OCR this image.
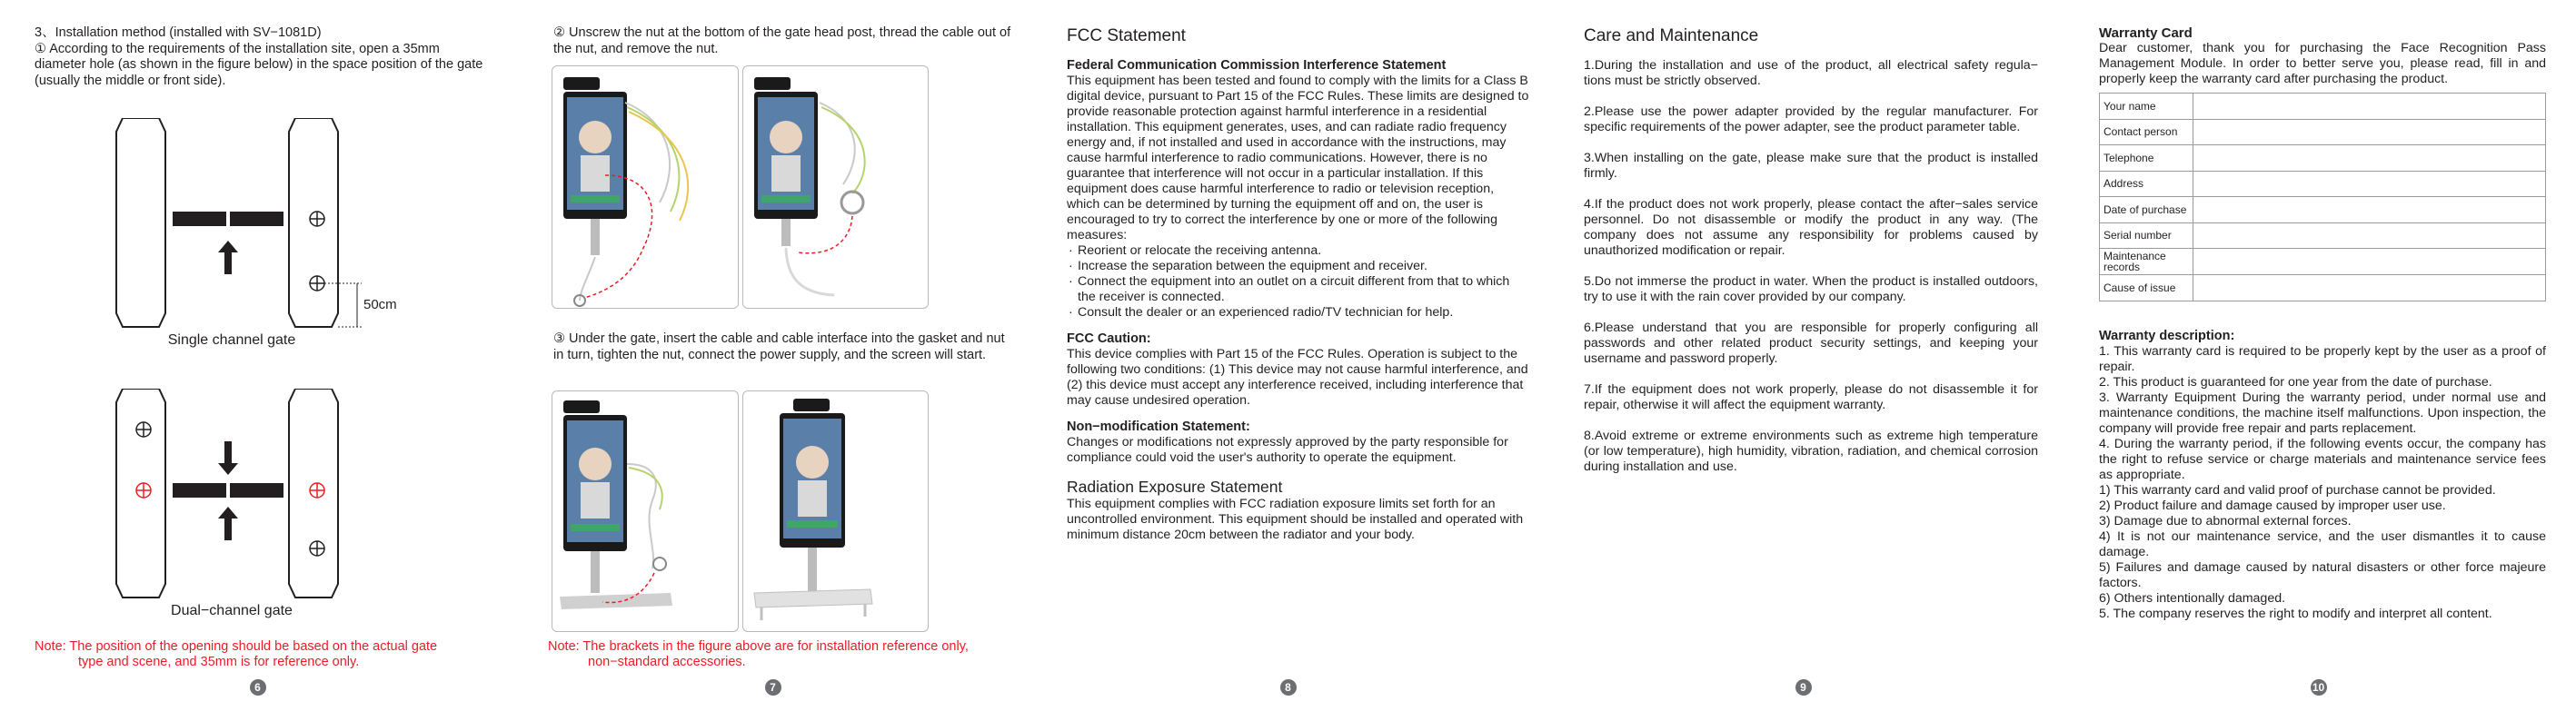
3、Installation method (installed with SV−1081D)
① According to the requirements of the installation site, open a 35mm diameter hole (as shown in the figure below) in the space position of the gate (usually the middle or front side).
50cm
Single channel gate
Dual−channel gate
Note: The position of the opening should be based on the actual gate
type and scene, and 35mm is for reference only.
6
② Unscrew the nut at the bottom of the gate head post, thread the cable out of the nut, and remove the nut.
③ Under the gate, insert the cable and cable interface into the gasket and nut in turn, tighten the nut, connect the power supply, and the screen will start.
Note: The brackets in the figure above are for installation reference only,
non−standard accessories.
7
FCC Statement
Federal Communication Commission Interference Statement
This equipment has been tested and found to comply with the limits for a Class B digital device, pursuant to Part 15 of the FCC Rules. These limits are designed to provide reasonable protection against harmful interference in a residential installation. This equipment generates, uses, and can radiate radio frequency energy and, if not installed and used in accordance with the instructions, may cause harmful interference to radio communications. However, there is no guarantee that interference will not occur in a particular installation. If this equipment does cause harmful interference to radio or television reception, which can be determined by turning the equipment off and on, the user is encouraged to try to correct the interference by one or more of the following measures:
· Reorient or relocate the receiving antenna.
· Increase the separation between the equipment and receiver.
· Connect the equipment into an outlet on a circuit different from that to which the receiver is connected.
· Consult the dealer or an experienced radio/TV technician for help.
FCC Caution:
This device complies with Part 15 of the FCC Rules. Operation is subject to the following two conditions: (1) This device may not cause harmful interference, and (2) this device must accept any interference received, including interference that may cause undesired operation.
Non−modification Statement:
Changes or modifications not expressly approved by the party responsible for compliance could void the user's authority to operate the equipment.
Radiation Exposure Statement
This equipment complies with FCC radiation exposure limits set forth for an uncontrolled environment. This equipment should be installed and operated with minimum distance 20cm between the radiator and your body.
8
Care and Maintenance
1.During the installation and use of the product, all electrical safety regula− tions must be strictly observed.
2.Please use the power adapter provided by the regular manufacturer. For specific requirements of the power adapter, see the product parameter table.
3.When installing on the gate, please make sure that the product is installed firmly.
4.If the product does not work properly, please contact the after−sales service personnel. Do not disassemble or modify the product in any way. (The company does not assume any responsibility for problems caused by unauthorized modification or repair.
5.Do not immerse the product in water. When the product is installed outdoors, try to use it with the rain cover provided by our company.
6.Please understand that you are responsible for properly configuring all passwords and other related product security settings, and keeping your username and password properly.
7.If the equipment does not work properly, please do not disassemble it for repair, otherwise it will affect the equipment warranty.
8.Avoid extreme or extreme environments such as extreme high temperature (or low temperature), high humidity, vibration, radiation, and chemical corrosion during installation and use.
9
Warranty Card
Dear customer, thank you for purchasing the Face Recognition Pass Management Module. In order to better serve you, please read, fill in and properly keep the warranty card after purchasing the product.
Your name	
Contact person	
Telephone	
Address	
Date of purchase	
Serial number	
Maintenance records	
Cause of issue	
Warranty description:
1. This warranty card is required to be properly kept by the user as a proof of repair.
2. This product is guaranteed for one year from the date of purchase.
3. Warranty Equipment During the warranty period, under normal use and maintenance conditions, the machine itself malfunctions. Upon inspection, the company will provide free repair and parts replacement.
4. During the warranty period, if the following events occur, the company has the right to refuse service or charge materials and maintenance service fees as appropriate.
1) This warranty card and valid proof of purchase cannot be provided.
2) Product failure and damage caused by improper user use.
3) Damage due to abnormal external forces.
4) It is not our maintenance service, and the user dismantles it to cause damage.
5) Failures and damage caused by natural disasters or other force majeure factors.
6) Others intentionally damaged.
5. The company reserves the right to modify and interpret all content.
10
